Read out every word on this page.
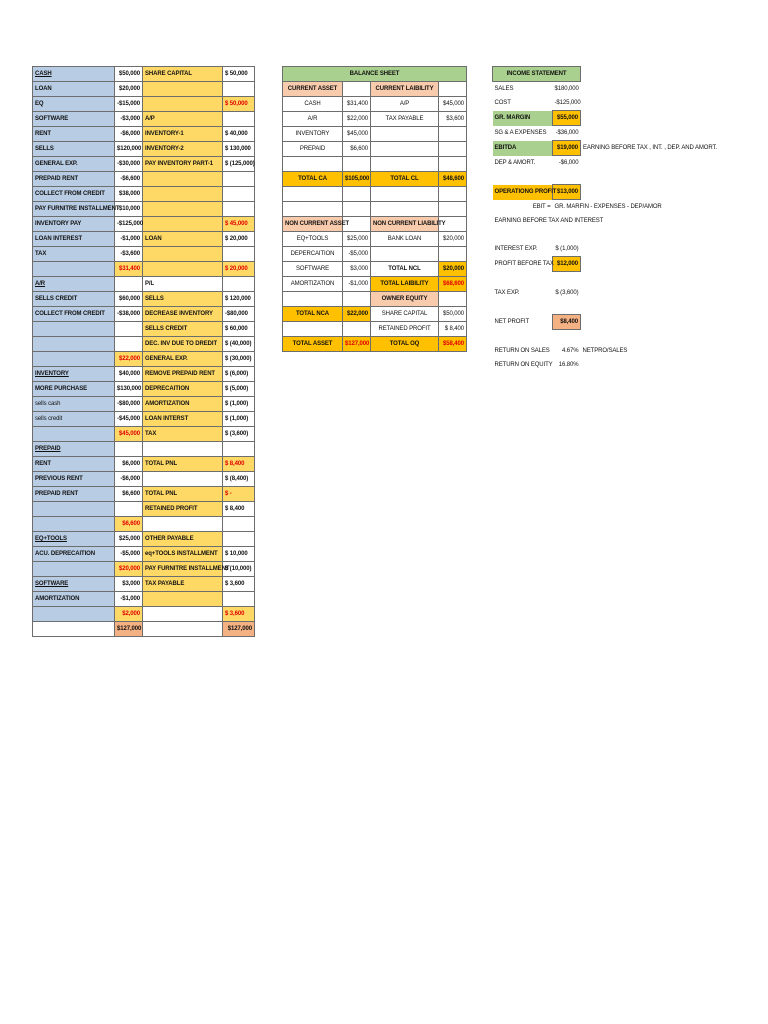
CASH	$50,000	SHARE CAPITAL	$ 50,000
LOAN	$20,000		
EQ	-$15,000		$ 50,000
SOFTWARE	-$3,000	A/P	
RENT	-$6,000	INVENTORY-1	$ 40,000
SELLS	$120,000	INVENTORY-2	$ 130,000
GENERAL EXP.	-$30,000	PAY INVENTORY PART-1	$ (125,000)
PREPAID RENT	-$6,600		
COLLECT FROM CREDIT	$38,000		
PAY FURNITRE INSTALLMENT	-$10,000		
INVENTORY PAY	-$125,000		$ 45,000
LOAN INTEREST	-$1,000	LOAN	$ 20,000
TAX	-$3,600		
	$31,400		$ 20,000
A/R		P/L	
SELLS CREDIT	$60,000	SELLS	$ 120,000
COLLECT FROM CREDIT	-$38,000	DECREASE INVENTORY	-$80,000
		SELLS CREDIT	$ 60,000
		DEC. INV DUE TO DREDIT	$ (40,000)
	$22,000	GENERAL EXP.	$ (30,000)
INVENTORY	$40,000	REMOVE PREPAID RENT	$ (6,000)
MORE PURCHASE	$130,000	DEPRECAITION	$ (5,000)
sells cash	-$80,000	AMORTIZATION	$ (1,000)
sells credit	-$45,000	LOAN INTERST	$ (1,000)
	$45,000	TAX	$ (3,600)
PREPAID			
RENT	$6,000	TOTAL PNL	$ 8,400
PREVIOUS RENT	-$6,000		$ (8,400)
PREPAID RENT	$6,600	TOTAL PNL	$ -
		RETAINED PROFIT	$ 8,400
	$6,600		
EQ+TOOLS	$25,000	OTHER PAYABLE	
ACU. DEPRECAITION	-$5,000	eq+TOOLS INSTALLMENT	$ 10,000
	$20,000	PAY FURNITRE INSTALLMENT	$ (10,000)
SOFTWARE	$3,000	TAX PAYABLE	$ 3,600
AMORTIZATION	-$1,000		
	$2,000		$ 3,600
	$127,000		$127,000
BALANCE SHEET			
CURRENT ASSET		CURRENT LAIBILITY	
CASH	$31,400	A/P	$45,000
A/R	$22,000	TAX PAYABLE	$3,600
INVENTORY	$45,000		
PREPAID	$6,600		

TOTAL CA	$105,000	TOTAL CL	$48,600

NON CURRENT ASSET		NON CURRENT LIABILITY	
EQ+TOOLS	$25,000	BANK LOAN	$20,000
DEPERCAITION	-$5,000		
SOFTWARE	$3,000	TOTAL NCL	$20,000
AMORTIZATION	-$1,000	TOTAL LAIBILITY	$68,600
		OWNER EQUITY	
TOTAL NCA	$22,000	SHARE CAPITAL	$50,000
		RETAINED PROFIT	$ 8,400
TOTAL ASSET	$127,000	TOTAL OQ	$58,400
INCOME STATEMENT		
SALES	$180,000	
COST	-$125,000	
GR. MARGIN	$55,000	
SG & A EXPENSES	-$36,000	
EBITDA	$19,000	EARNING BEFORE TAX , INT. , DEP. AND AMORT.
DEP & AMORT.	-$6,000	

OPERATIONG PROFIT	$13,000	
EBIT =	GR. MARFIN - EXPENSES - DEP/AMOR	
EARNING BEFORE TAX AND INTEREST		

INTEREST EXP.	$ (1,000)	
PROFIT BEFORE TAX	$12,000	

TAX EXP.	$ (3,600)	

NET PROFIT	$8,400	

RETURN ON SALES	4.67%	NETPRO/SALES
RETURN ON EQUITY	16.80%	
